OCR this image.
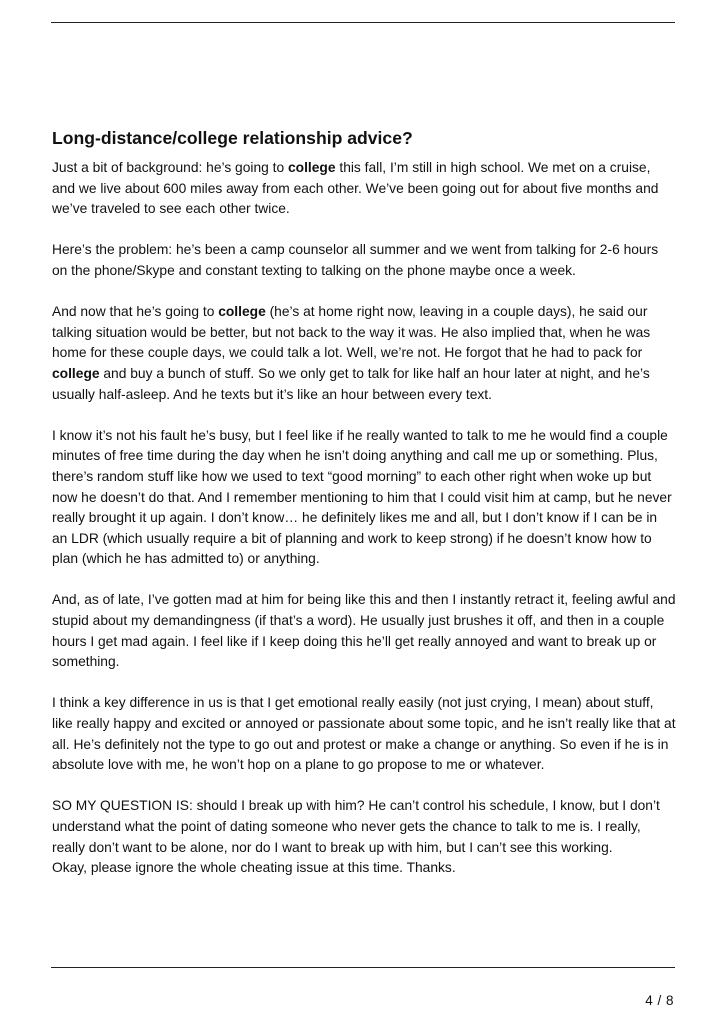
Long-distance/college relationship advice?

Just a bit of background: he’s going to college this fall, I’m still in high school. We met on a cruise, and we live about 600 miles away from each other. We’ve been going out for about five months and we’ve traveled to see each other twice.

Here’s the problem: he’s been a camp counselor all summer and we went from talking for 2-6 hours on the phone/Skype and constant texting to talking on the phone maybe once a week.

And now that he’s going to college (he’s at home right now, leaving in a couple days), he said our talking situation would be better, but not back to the way it was. He also implied that, when he was home for these couple days, we could talk a lot. Well, we’re not. He forgot that he had to pack for college and buy a bunch of stuff. So we only get to talk for like half an hour later at night, and he’s usually half-asleep. And he texts but it’s like an hour between every text.

I know it’s not his fault he’s busy, but I feel like if he really wanted to talk to me he would find a couple minutes of free time during the day when he isn’t doing anything and call me up or something. Plus, there’s random stuff like how we used to text “good morning” to each other right when woke up but now he doesn’t do that. And I remember mentioning to him that I could visit him at camp, but he never really brought it up again. I don’t know… he definitely likes me and all, but I don’t know if I can be in an LDR (which usually require a bit of planning and work to keep strong) if he doesn’t know how to plan (which he has admitted to) or anything.

And, as of late, I’ve gotten mad at him for being like this and then I instantly retract it, feeling awful and stupid about my demandingness (if that’s a word). He usually just brushes it off, and then in a couple hours I get mad again. I feel like if I keep doing this he’ll get really annoyed and want to break up or something.

I think a key difference in us is that I get emotional really easily (not just crying, I mean) about stuff, like really happy and excited or annoyed or passionate about some topic, and he isn’t really like that at all. He’s definitely not the type to go out and protest or make a change or anything. So even if he is in absolute love with me, he won’t hop on a plane to go propose to me or whatever.

SO MY QUESTION IS: should I break up with him? He can’t control his schedule, I know, but I don’t understand what the point of dating someone who never gets the chance to talk to me is. I really, really don’t want to be alone, nor do I want to break up with him, but I can’t see this working.

Okay, please ignore the whole cheating issue at this time. Thanks.

4 / 8
